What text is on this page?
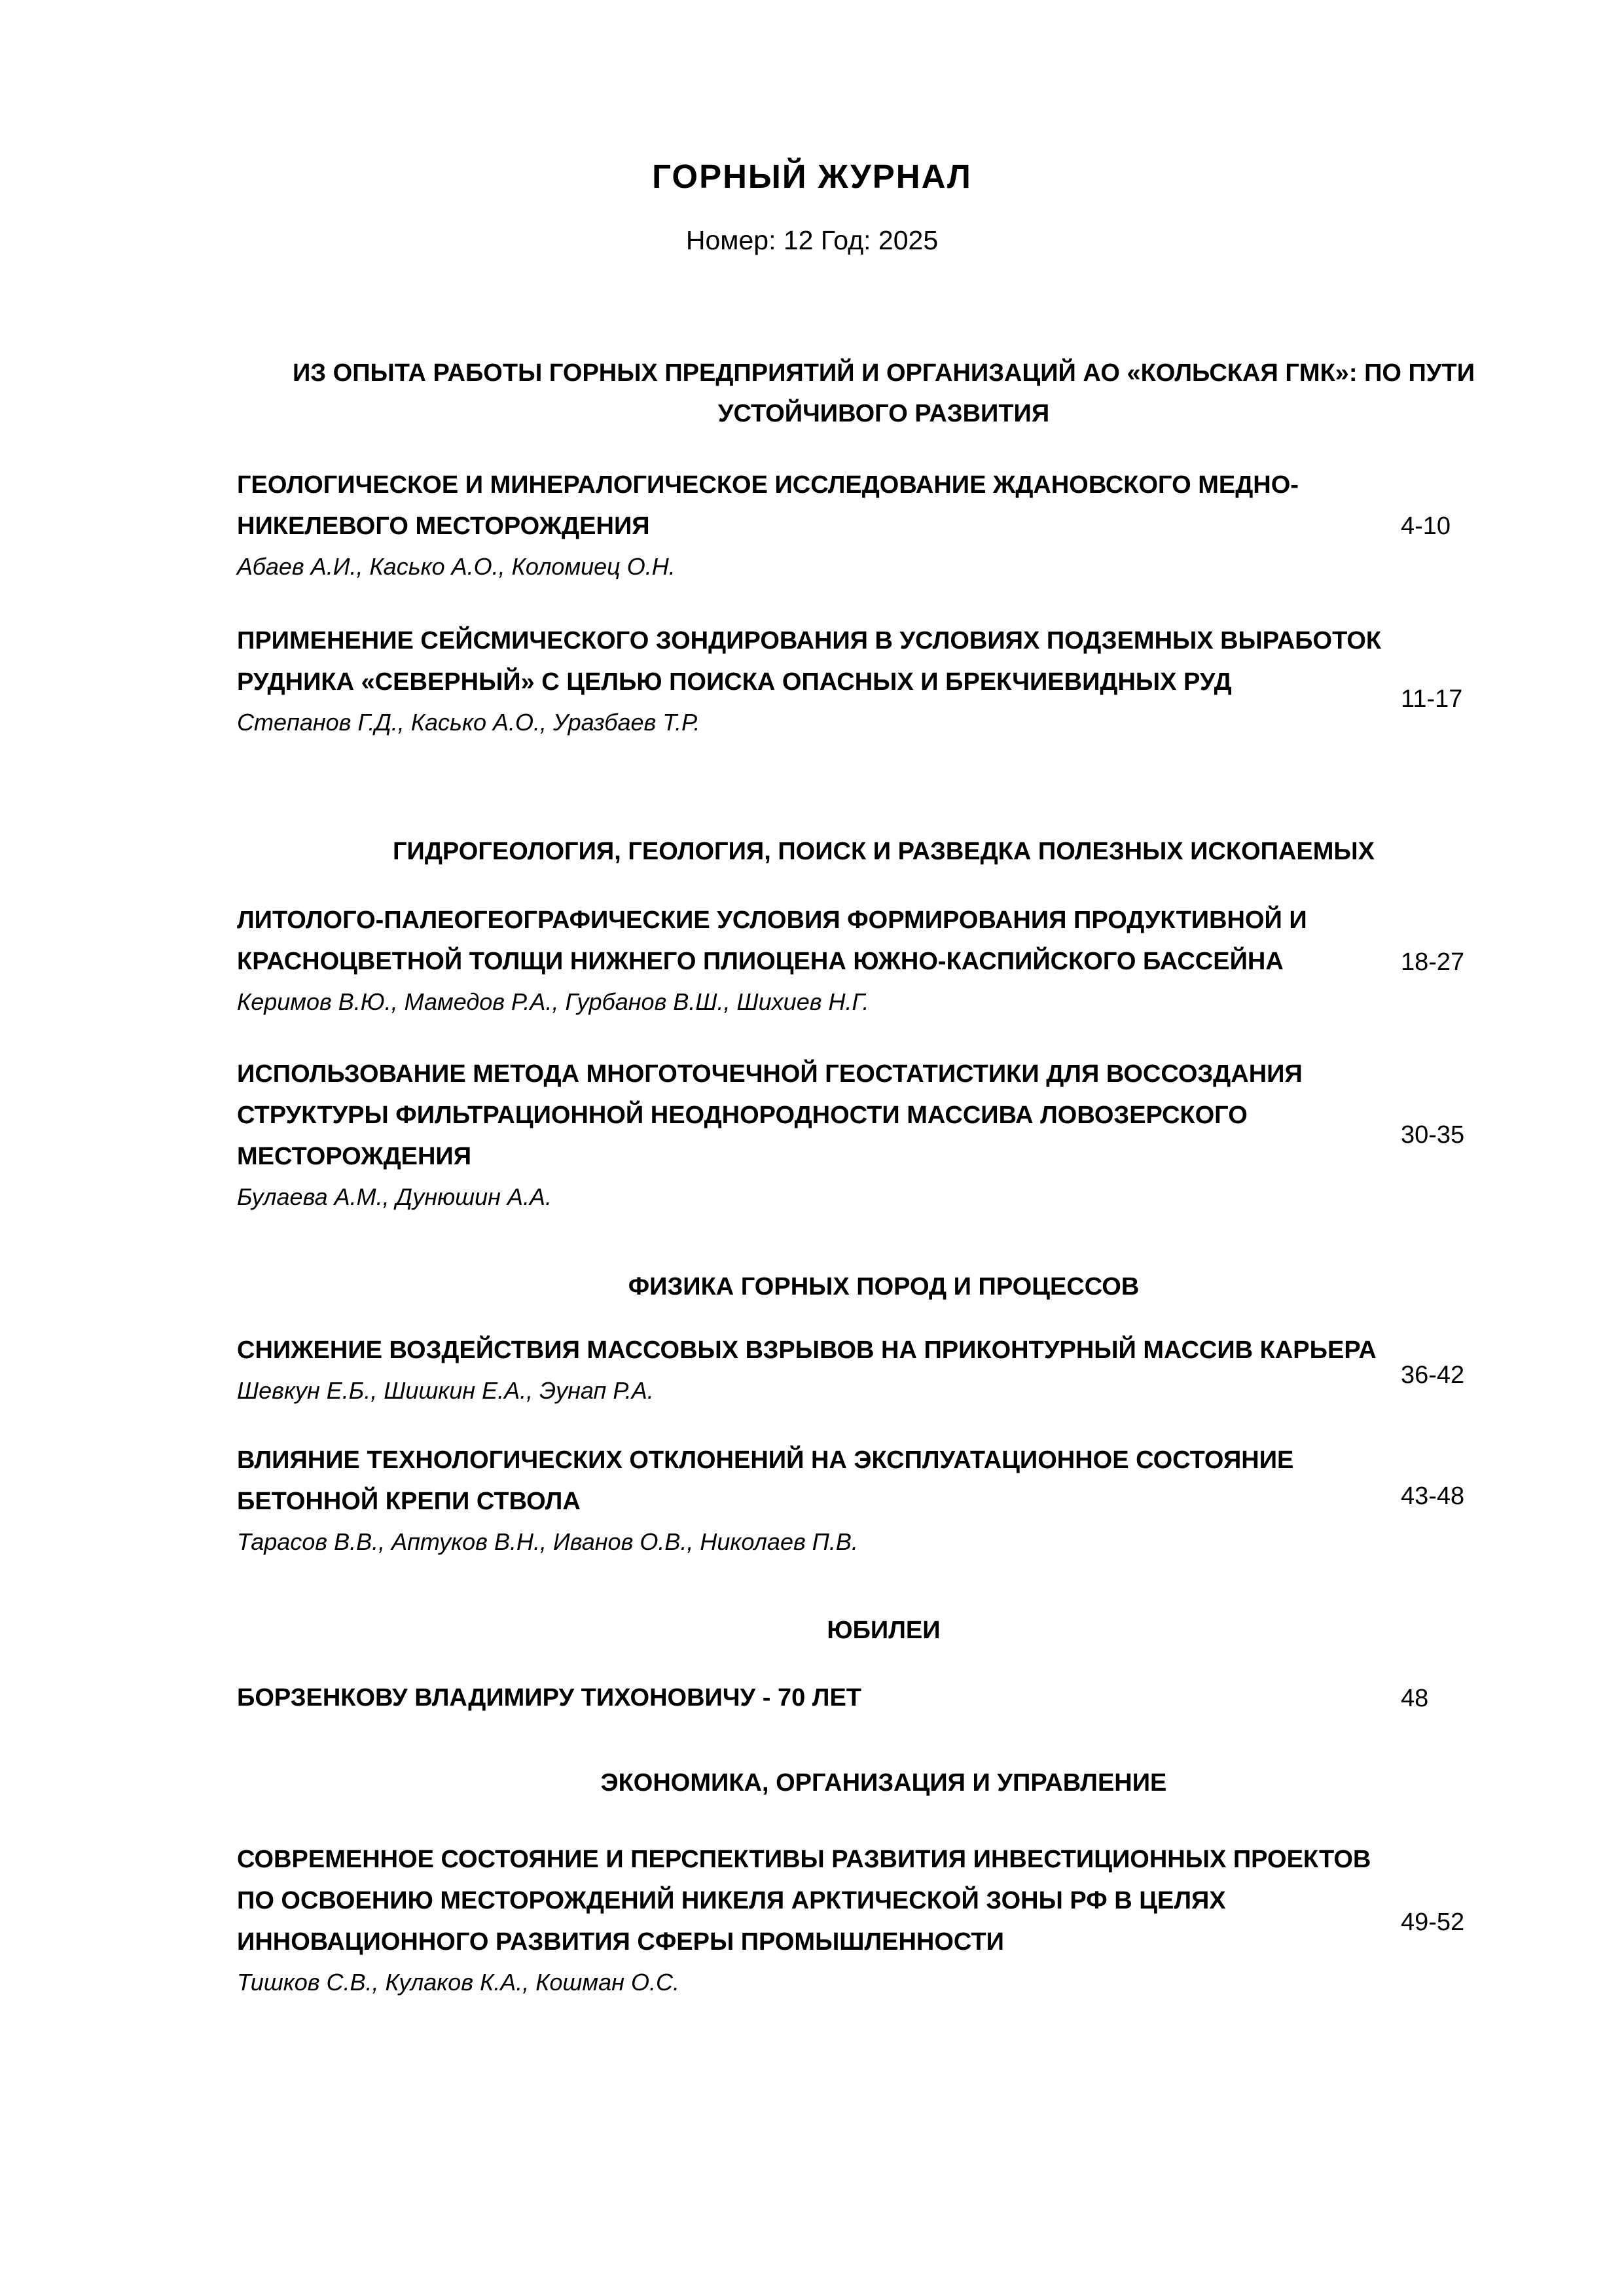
ГОРНЫЙ ЖУРНАЛ
Номер: 12 Год: 2025
ИЗ ОПЫТА РАБОТЫ ГОРНЫХ ПРЕДПРИЯТИЙ И ОРГАНИЗАЦИЙ АО «КОЛЬСКАЯ ГМК»: ПО ПУТИ УСТОЙЧИВОГО РАЗВИТИЯ
ГЕОЛОГИЧЕСКОЕ И МИНЕРАЛОГИЧЕСКОЕ ИССЛЕДОВАНИЕ ЖДАНОВСКОГО МЕДНО-НИКЕЛЕВОГО МЕСТОРОЖДЕНИЯ
Абаев А.И., Касько А.О., Коломиец О.Н.
4-10
ПРИМЕНЕНИЕ СЕЙСМИЧЕСКОГО ЗОНДИРОВАНИЯ В УСЛОВИЯХ ПОДЗЕМНЫХ ВЫРАБОТОК РУДНИКА «СЕВЕРНЫЙ» С ЦЕЛЬЮ ПОИСКА ОПАСНЫХ И БРЕКЧИЕВИДНЫХ РУД
Степанов Г.Д., Касько А.О., Уразбаев Т.Р.
11-17
ГИДРОГЕОЛОГИЯ, ГЕОЛОГИЯ, ПОИСК И РАЗВЕДКА ПОЛЕЗНЫХ ИСКОПАЕМЫХ
ЛИТОЛОГО-ПАЛЕОГЕОГРАФИЧЕСКИЕ УСЛОВИЯ ФОРМИРОВАНИЯ ПРОДУКТИВНОЙ И КРАСНОЦВЕТНОЙ ТОЛЩИ НИЖНЕГО ПЛИОЦЕНА ЮЖНО-КАСПИЙСКОГО БАССЕЙНА
Керимов В.Ю., Мамедов Р.А., Гурбанов В.Ш., Шихиев Н.Г.
18-27
ИСПОЛЬЗОВАНИЕ МЕТОДА МНОГОТОЧЕЧНОЙ ГЕОСТАТИСТИКИ ДЛЯ ВОССОЗДАНИЯ СТРУКТУРЫ ФИЛЬТРАЦИОННОЙ НЕОДНОРОДНОСТИ МАССИВА ЛОВОЗЕРСКОГО МЕСТОРОЖДЕНИЯ
Булаева А.М., Дунюшин А.А.
30-35
ФИЗИКА ГОРНЫХ ПОРОД И ПРОЦЕССОВ
СНИЖЕНИЕ ВОЗДЕЙСТВИЯ МАССОВЫХ ВЗРЫВОВ НА ПРИКОНТУРНЫЙ МАССИВ КАРЬЕРА
Шевкун Е.Б., Шишкин Е.А., Эунап Р.А.
36-42
ВЛИЯНИЕ ТЕХНОЛОГИЧЕСКИХ ОТКЛОНЕНИЙ НА ЭКСПЛУАТАЦИОННОЕ СОСТОЯНИЕ БЕТОННОЙ КРЕПИ СТВОЛА
Тарасов В.В., Аптуков В.Н., Иванов О.В., Николаев П.В.
43-48
ЮБИЛЕИ
БОРЗЕНКОВУ ВЛАДИМИРУ ТИХОНОВИЧУ - 70 ЛЕТ	48
ЭКОНОМИКА, ОРГАНИЗАЦИЯ И УПРАВЛЕНИЕ
СОВРЕМЕННОЕ СОСТОЯНИЕ И ПЕРСПЕКТИВЫ РАЗВИТИЯ ИНВЕСТИЦИОННЫХ ПРОЕКТОВ ПО ОСВОЕНИЮ МЕСТОРОЖДЕНИЙ НИКЕЛЯ АРКТИЧЕСКОЙ ЗОНЫ РФ В ЦЕЛЯХ ИННОВАЦИОННОГО РАЗВИТИЯ СФЕРЫ ПРОМЫШЛЕННОСТИ
Тишков С.В., Кулаков К.А., Кошман О.С.
49-52
